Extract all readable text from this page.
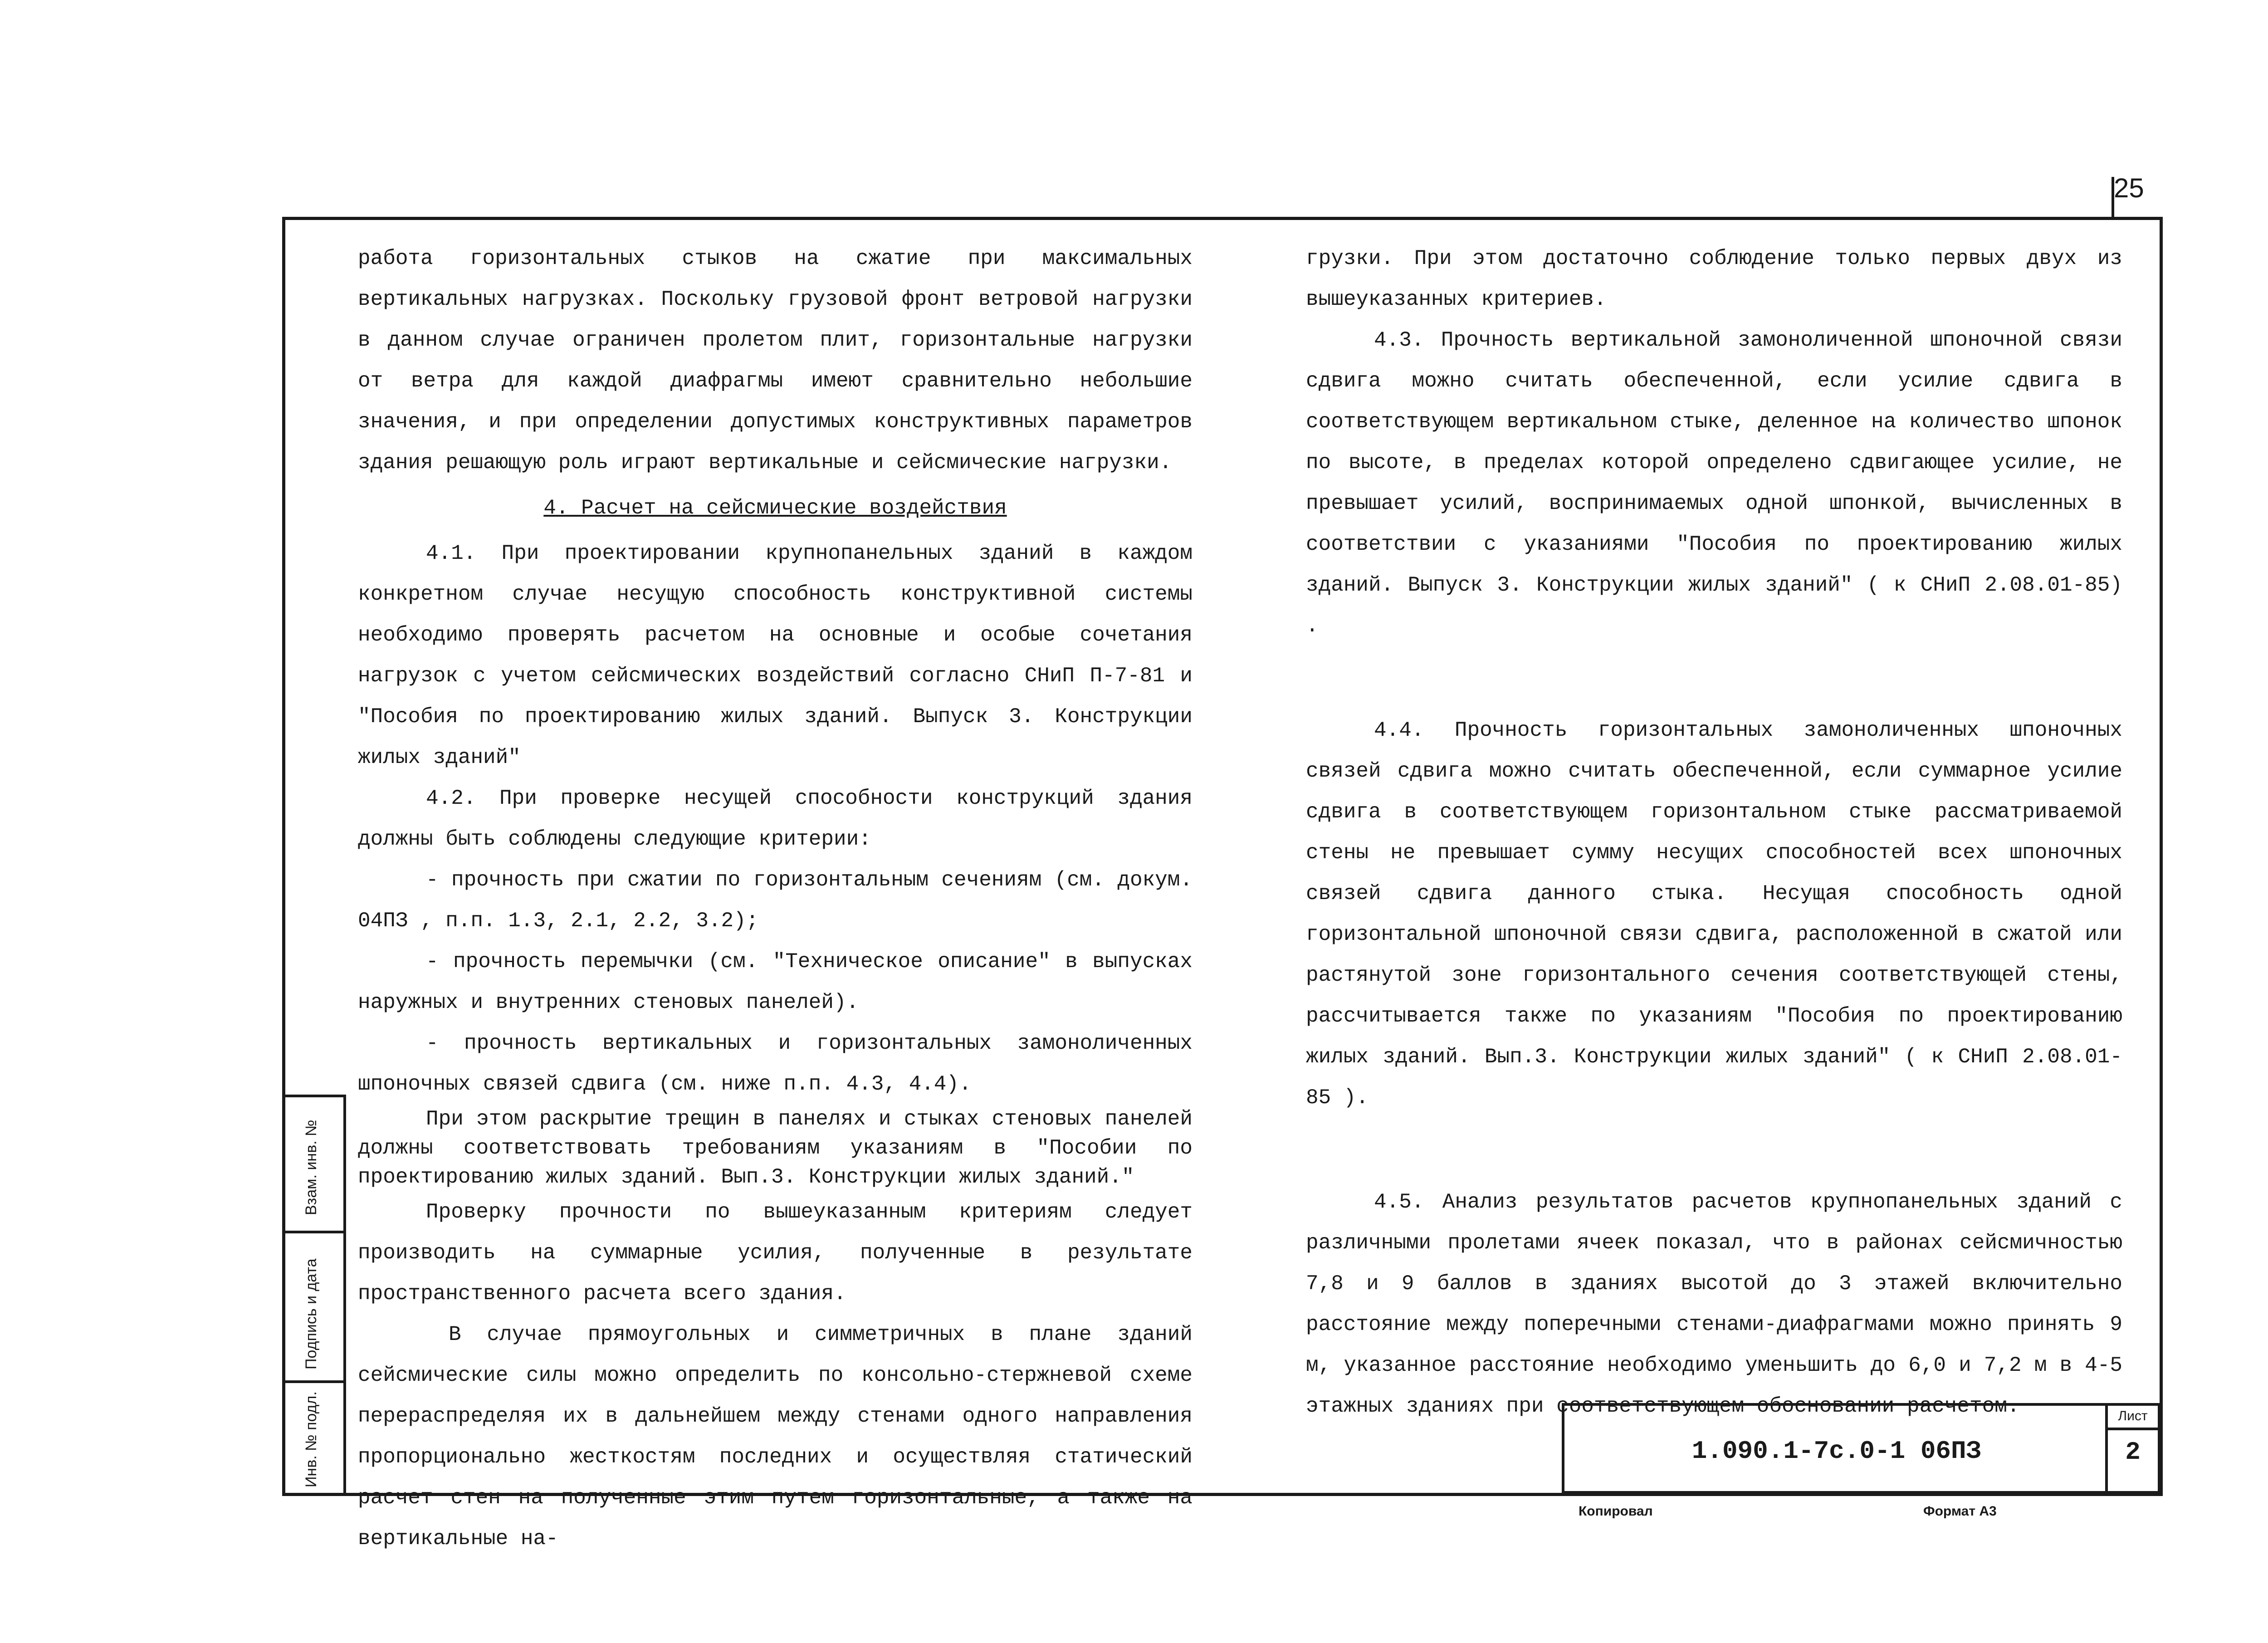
25

работа горизонтальных стыков на сжатие при максимальных вертикальных нагрузках. Поскольку грузовой фронт ветровой нагрузки в данном случае ограничен пролетом плит, горизонтальные нагрузки от ветра для каждой диафрагмы имеют сравнительно небольшие значения, и при определении допустимых конструктивных параметров здания решающую роль играют вертикальные и сейсмические нагрузки.

4. Расчет на сейсмические воздействия

4.1. При проектировании крупнопанельных зданий в каждом конкретном случае несущую способность конструктивной системы необходимо проверять расчетом на основные и особые сочетания нагрузок с учетом сейсмических воздействий согласно СНиП П-7-81 и "Пособия по проектированию жилых зданий. Выпуск 3. Конструкции жилых зданий"

4.2. При проверке несущей способности конструкций здания должны быть соблюдены следующие критерии:

- прочность при сжатии по горизонтальным сечениям (см. докум. 04ПЗ , п.п. 1.3, 2.1, 2.2, 3.2);

- прочность перемычки (см. "Техническое описание" в выпусках наружных и внутренних стеновых панелей).

- прочность вертикальных и горизонтальных замоноличенных шпоночных связей сдвига (см. ниже п.п. 4.3, 4.4).

При этом раскрытие трещин в панелях и стыках стеновых панелей должны соответствовать требованиям указаниям в "Пособии по проектированию жилых зданий. Вып.3. Конструкции жилых зданий."

Проверку прочности по вышеуказанным критериям следует производить на суммарные усилия, полученные в результате пространственного расчета всего здания.

В случае прямоугольных и симметричных в плане зданий сейсмические силы можно определить по консольно-стержневой схеме перераспределяя их в дальнейшем между стенами одного направления пропорционально жесткостям последних и осуществляя статический расчет стен на полученные этим путем горизонтальные, а также на вертикальные на-

грузки. При этом достаточно соблюдение только первых двух из вышеуказанных критериев.

4.3. Прочность вертикальной замоноличенной шпоночной связи сдвига можно считать обеспеченной, если усилие сдвига в соответствующем вертикальном стыке, деленное на количество шпонок по высоте, в пределах которой определено сдвигающее усилие, не превышает усилий, воспринимаемых одной шпонкой, вычисленных в соответствии с указаниями "Пособия по проектированию жилых зданий. Выпуск 3. Конструкции жилых зданий" ( к СНиП 2.08.01-85) .

4.4. Прочность горизонтальных замоноличенных шпоночных связей сдвига можно считать обеспеченной, если суммарное усилие сдвига в соответствующем горизонтальном стыке рассматриваемой стены не превышает сумму несущих способностей всех шпоночных связей сдвига данного стыка. Несущая способность одной горизонтальной шпоночной связи сдвига, расположенной в сжатой или растянутой зоне горизонтального сечения соответствующей стены, рассчитывается также по указаниям "Пособия по проектированию жилых зданий. Вып.3. Конструкции жилых зданий" ( к СНиП 2.08.01-85 ).

4.5. Анализ результатов расчетов крупнопанельных зданий с различными пролетами ячеек показал, что в районах сейсмичностью 7,8 и 9 баллов в зданиях высотой до 3 этажей включительно расстояние между поперечными стенами-диафрагмами можно принять 9 м, указанное расстояние необходимо уменьшить до 6,0 и 7,2 м в 4-5 этажных зданиях при соответствующем обосновании расчетом.

Взам. инв. №
Подпись и дата
Инв. № подл.	1.090.1-7с.0-1 06ПЗ
Лист
2
Копировал	Формат А3
